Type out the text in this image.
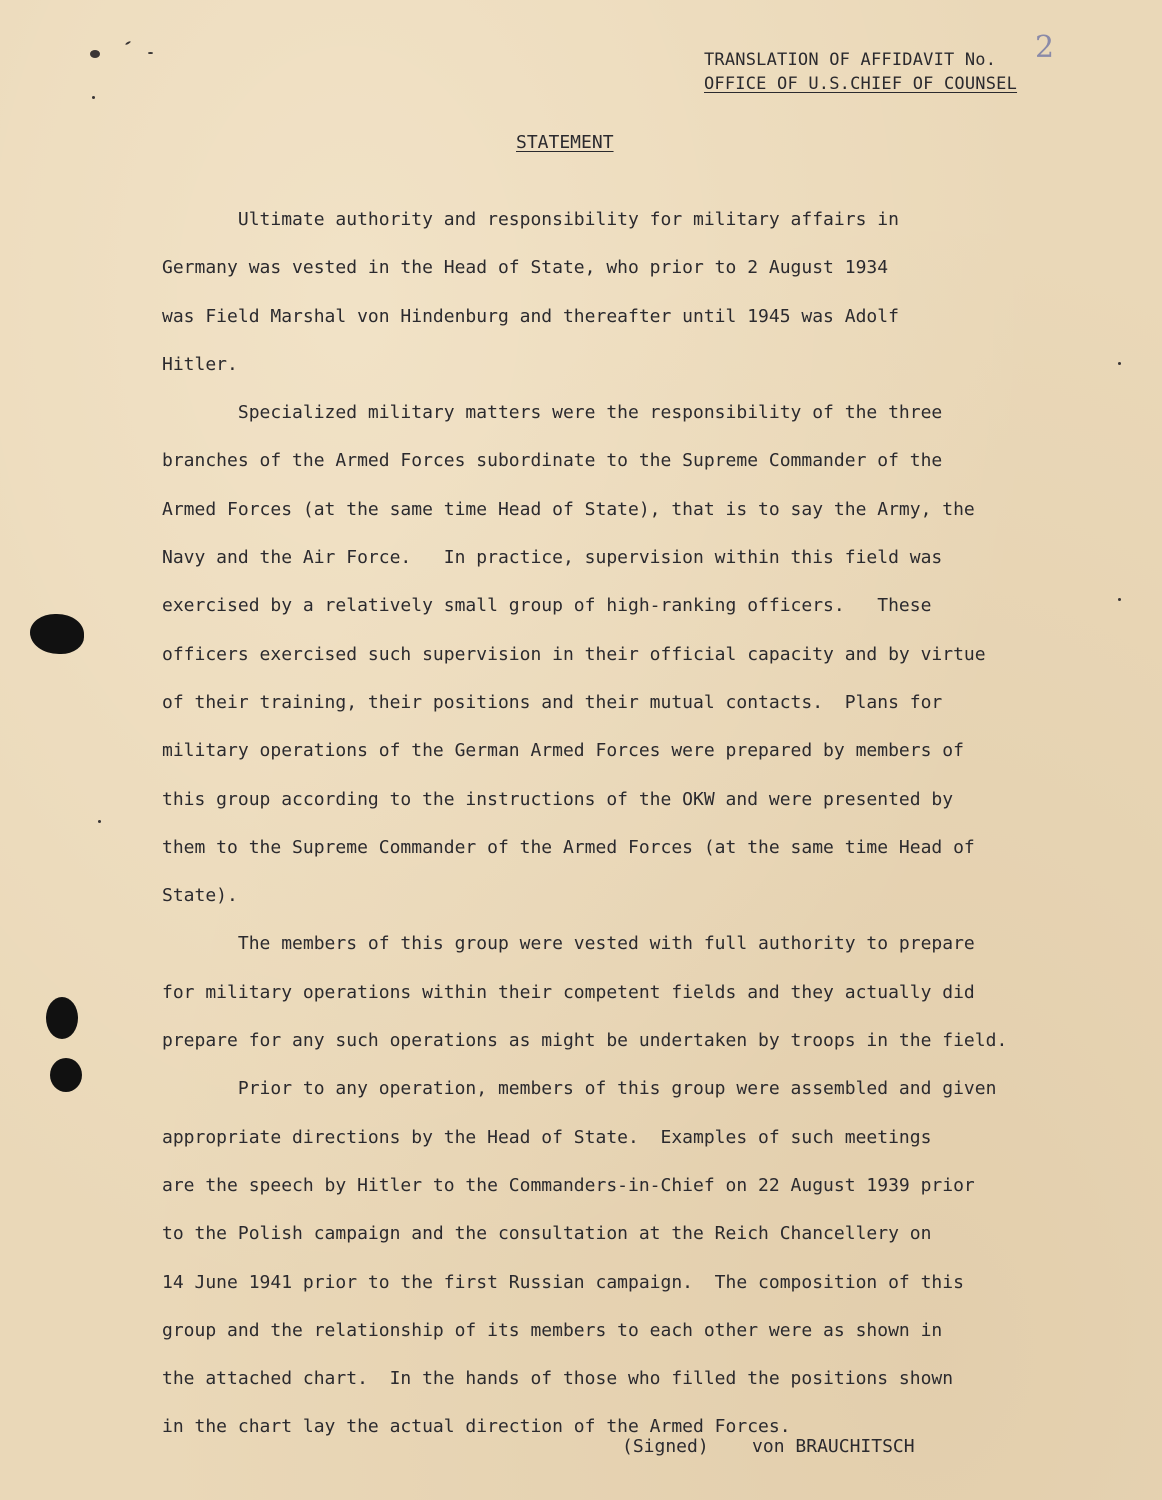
TRANSLATION OF AFFIDAVIT No.
OFFICE OF U.S.CHIEF OF COUNSEL
2
STATEMENT

Ultimate authority and responsibility for military affairs in

Germany was vested in the Head of State, who prior to 2 August 1934

was Field Marshal von Hindenburg and thereafter until 1945 was Adolf

Hitler.

Specialized military matters were the responsibility of the three

branches of the Armed Forces subordinate to the Supreme Commander of the

Armed Forces (at the same time Head of State), that is to say the Army, the

Navy and the Air Force.   In practice, supervision within this field was

exercised by a relatively small group of high-ranking officers.   These

officers exercised such supervision in their official capacity and by virtue

of their training, their positions and their mutual contacts.  Plans for

military operations of the German Armed Forces were prepared by members of

this group according to the instructions of the OKW and were presented by

them to the Supreme Commander of the Armed Forces (at the same time Head of

State).

The members of this group were vested with full authority to prepare

for military operations within their competent fields and they actually did

prepare for any such operations as might be undertaken by troops in the field.

Prior to any operation, members of this group were assembled and given

appropriate directions by the Head of State.  Examples of such meetings

are the speech by Hitler to the Commanders-in-Chief on 22 August 1939 prior

to the Polish campaign and the consultation at the Reich Chancellery on

14 June 1941 prior to the first Russian campaign.  The composition of this

group and the relationship of its members to each other were as shown in

the attached chart.  In the hands of those who filled the positions shown

in the chart lay the actual direction of the Armed Forces.

(Signed)    von BRAUCHITSCH
